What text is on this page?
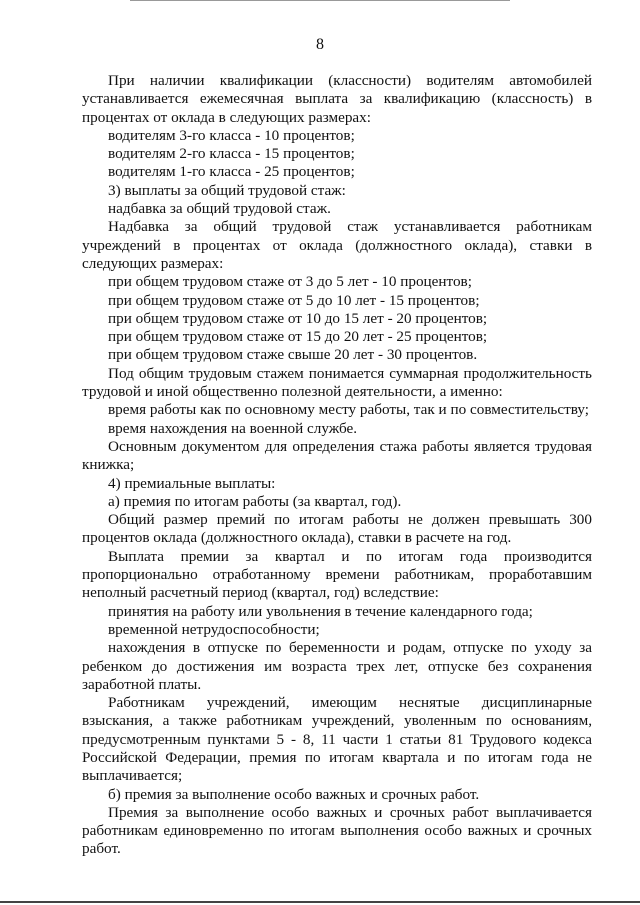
8

При наличии квалификации (классности) водителям автомобилей устанавливается ежемесячная выплата за квалификацию (классность) в процентах от оклада в следующих размерах:

водителям 3-го класса - 10 процентов;

водителям 2-го класса - 15 процентов;

водителям 1-го класса - 25 процентов;

3) выплаты за общий трудовой стаж:

надбавка за общий трудовой стаж.

Надбавка за общий трудовой стаж устанавливается работникам учреждений в процентах от оклада (должностного оклада), ставки в следующих размерах:

при общем трудовом стаже от 3 до 5 лет - 10 процентов;

при общем трудовом стаже от 5 до 10 лет - 15 процентов;

при общем трудовом стаже от 10 до 15 лет - 20 процентов;

при общем трудовом стаже от 15 до 20 лет - 25 процентов;

при общем трудовом стаже свыше 20 лет - 30 процентов.

Под общим трудовым стажем понимается суммарная продолжительность трудовой и иной общественно полезной деятельности, а именно:

время работы как по основному месту работы, так и по совместительству;

время нахождения на военной службе.

Основным документом для определения стажа работы является трудовая книжка;

4) премиальные выплаты:

а) премия по итогам работы (за квартал, год).

Общий размер премий по итогам работы не должен превышать 300 процентов оклада (должностного оклада), ставки в расчете на год.

Выплата премии за квартал и по итогам года производится пропорционально отработанному времени работникам, проработавшим неполный расчетный период (квартал, год) вследствие:

принятия на работу или увольнения в течение календарного года;

временной нетрудоспособности;

нахождения в отпуске по беременности и родам, отпуске по уходу за ребенком до достижения им возраста трех лет, отпуске без сохранения заработной платы.

Работникам учреждений, имеющим неснятые дисциплинарные взыскания, а также работникам учреждений, уволенным по основаниям, предусмотренным пунктами 5 - 8, 11 части 1 статьи 81 Трудового кодекса Российской Федерации, премия по итогам квартала и по итогам года не выплачивается;

б) премия за выполнение особо важных и срочных работ.

Премия за выполнение особо важных и срочных работ выплачивается работникам единовременно по итогам выполнения особо важных и срочных работ.
